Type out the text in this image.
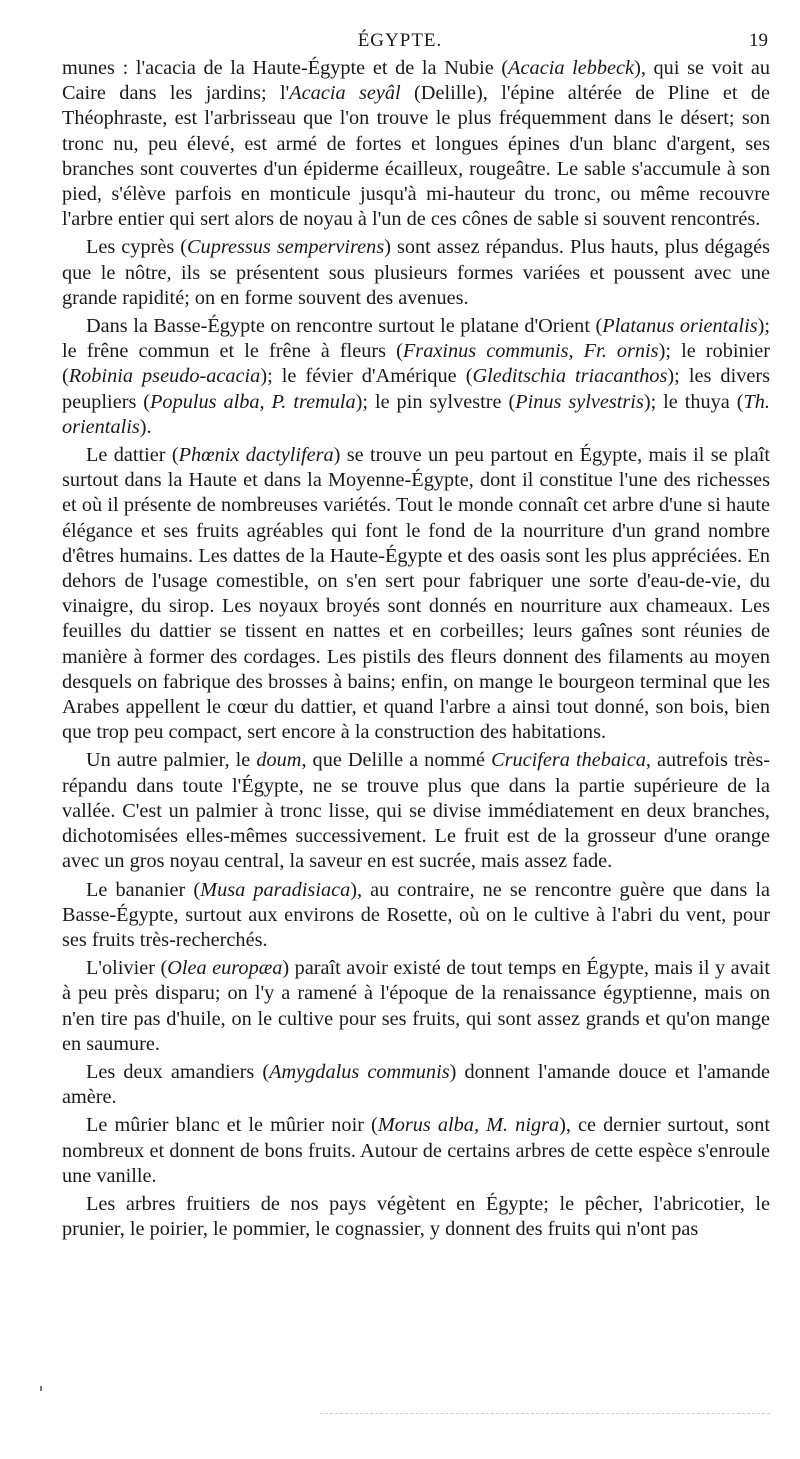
ÉGYPTE.	19

munes : l'acacia de la Haute-Égypte et de la Nubie (Acacia lebbeck), qui se voit au Caire dans les jardins; l'Acacia seyâl (Delille), l'épine altérée de Pline et de Théophraste, est l'arbrisseau que l'on trouve le plus fréquemment dans le désert; son tronc nu, peu élevé, est armé de fortes et longues épines d'un blanc d'argent, ses branches sont couvertes d'un épiderme écailleux, rougeâtre. Le sable s'accumule à son pied, s'élève parfois en monticule jusqu'à mi-hauteur du tronc, ou même recouvre l'arbre entier qui sert alors de noyau à l'un de ces cônes de sable si souvent rencontrés.

Les cyprès (Cupressus sempervirens) sont assez répandus. Plus hauts, plus dégagés que le nôtre, ils se présentent sous plusieurs formes variées et poussent avec une grande rapidité; on en forme souvent des avenues.

Dans la Basse-Égypte on rencontre surtout le platane d'Orient (Platanus orientalis); le frêne commun et le frêne à fleurs (Fraxinus communis, Fr. ornis); le robinier (Robinia pseudo-acacia); le févier d'Amérique (Gleditschia triacanthos); les divers peupliers (Populus alba, P. tremula); le pin sylvestre (Pinus sylvestris); le thuya (Th. orientalis).

Le dattier (Phœnix dactylifera) se trouve un peu partout en Égypte, mais il se plaît surtout dans la Haute et dans la Moyenne-Égypte, dont il constitue l'une des richesses et où il présente de nombreuses variétés. Tout le monde connaît cet arbre d'une si haute élégance et ses fruits agréables qui font le fond de la nourriture d'un grand nombre d'êtres humains. Les dattes de la Haute-Égypte et des oasis sont les plus appréciées. En dehors de l'usage comestible, on s'en sert pour fabriquer une sorte d'eau-de-vie, du vinaigre, du sirop. Les noyaux broyés sont donnés en nourriture aux chameaux. Les feuilles du dattier se tissent en nattes et en corbeilles; leurs gaînes sont réunies de manière à former des cordages. Les pistils des fleurs donnent des filaments au moyen desquels on fabrique des brosses à bains; enfin, on mange le bourgeon terminal que les Arabes appellent le cœur du dattier, et quand l'arbre a ainsi tout donné, son bois, bien que trop peu compact, sert encore à la construction des habitations.

Un autre palmier, le doum, que Delille a nommé Crucifera thebaica, autrefois très-répandu dans toute l'Égypte, ne se trouve plus que dans la partie supérieure de la vallée. C'est un palmier à tronc lisse, qui se divise immédiatement en deux branches, dichotomisées elles-mêmes successivement. Le fruit est de la grosseur d'une orange avec un gros noyau central, la saveur en est sucrée, mais assez fade.

Le bananier (Musa paradisiaca), au contraire, ne se rencontre guère que dans la Basse-Égypte, surtout aux environs de Rosette, où on le cultive à l'abri du vent, pour ses fruits très-recherchés.

L'olivier (Olea europæa) paraît avoir existé de tout temps en Égypte, mais il y avait à peu près disparu; on l'y a ramené à l'époque de la renaissance égyptienne, mais on n'en tire pas d'huile, on le cultive pour ses fruits, qui sont assez grands et qu'on mange en saumure.

Les deux amandiers (Amygdalus communis) donnent l'amande douce et l'amande amère.

Le mûrier blanc et le mûrier noir (Morus alba, M. nigra), ce dernier surtout, sont nombreux et donnent de bons fruits. Autour de certains arbres de cette espèce s'enroule une vanille.

Les arbres fruitiers de nos pays végètent en Égypte; le pêcher, l'abricotier, le prunier, le poirier, le pommier, le cognassier, y donnent des fruits qui n'ont pas
